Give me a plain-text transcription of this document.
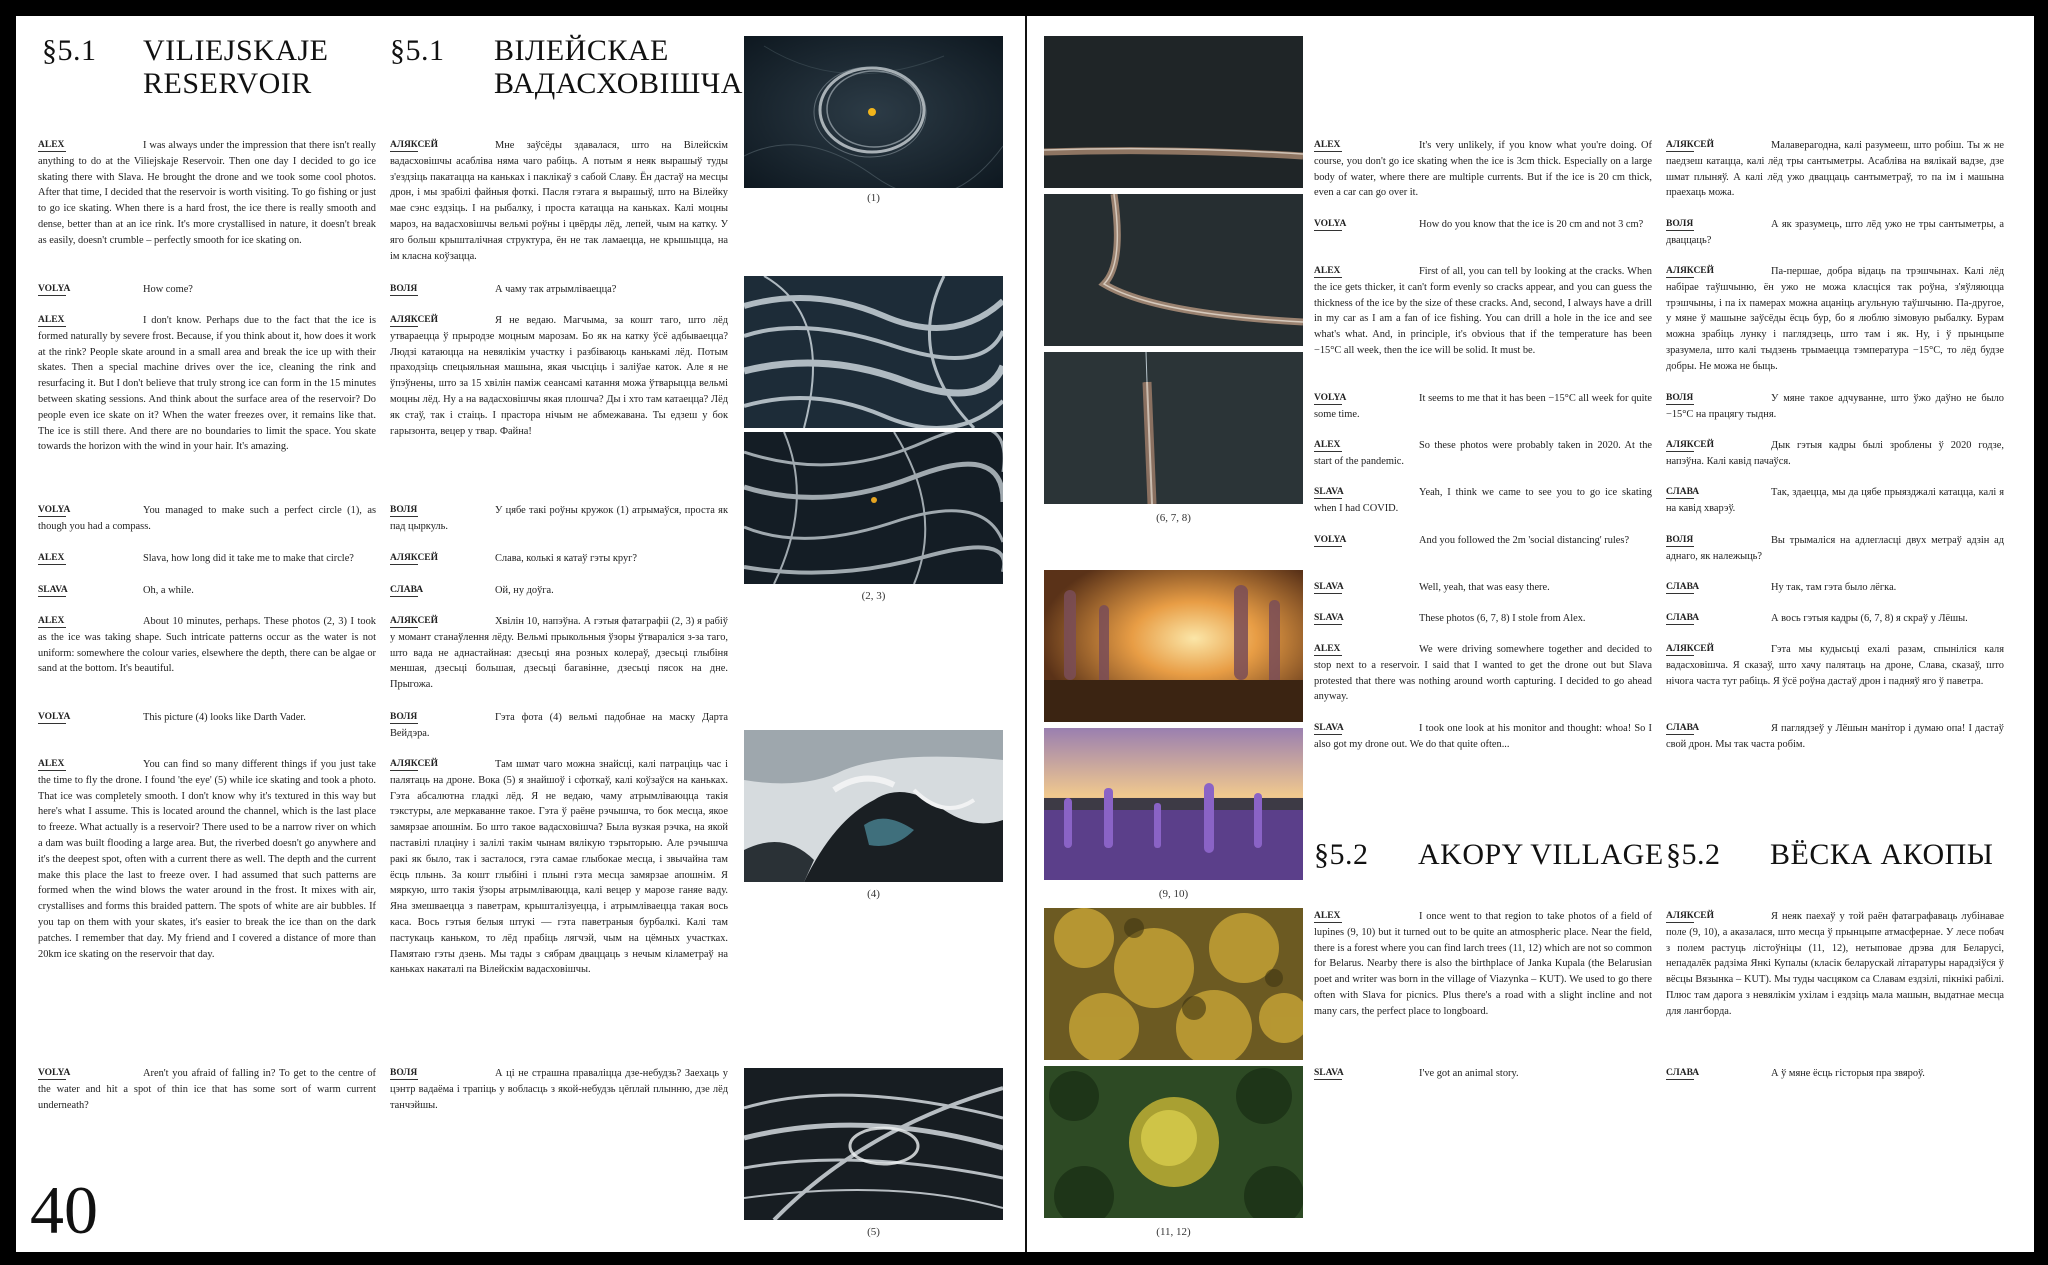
§5.1 VILIEJSKAJE RESERVOIR
§5.1 ВІЛЕЙСКАЕ ВАДАСХОВІШЧА
ALEX	I was always under the impression that there isn't really anything to do at the Viliejskaje Reservoir. Then one day I decided to go ice skating there with Slava. He brought the drone and we took some cool photos. After that time, I decided that the reservoir is worth visiting. To go fishing or just to go ice skating. When there is a hard frost, the ice there is really smooth and dense, better than at an ice rink. It's more crystallised in nature, it doesn't break as easily, doesn't crumble – perfectly smooth for ice skating on.
VOLYA	How come?
ALEX	I don't know. Perhaps due to the fact that the ice is formed naturally by severe frost. Because, if you think about it, how does it work at the rink? People skate around in a small area and break the ice up with their skates. Then a special machine drives over the ice, cleaning the rink and resurfacing it. But I don't believe that truly strong ice can form in the 15 minutes between skating sessions. And think about the surface area of the reservoir? Do people even ice skate on it? When the water freezes over, it remains like that. The ice is still there. And there are no boundaries to limit the space. You skate towards the horizon with the wind in your hair. It's amazing.
VOLYA	You managed to make such a perfect circle (1), as though you had a compass.
ALEX	Slava, how long did it take me to make that circle?
SLAVA	Oh, a while.
ALEX	About 10 minutes, perhaps. These photos (2, 3) I took as the ice was taking shape. Such intricate patterns occur as the water is not uniform: somewhere the colour varies, elsewhere the depth, there can be algae or sand at the bottom. It's beautiful.
VOLYA	This picture (4) looks like Darth Vader.
ALEX	You can find so many different things if you just take the time to fly the drone. I found 'the eye' (5) while ice skating and took a photo. That ice was completely smooth. I don't know why it's textured in this way but here's what I assume. This is located around the channel, which is the last place to freeze. What actually is a reservoir? There used to be a narrow river on which a dam was built flooding a large area. But, the riverbed doesn't go anywhere and it's the deepest spot, often with a current there as well. The depth and the current make this place the last to freeze over. I had assumed that such patterns are formed when the wind blows the water around in the frost. It mixes with air, crystallises and forms this braided pattern. The spots of white are air bubbles. If you tap on them with your skates, it's easier to break the ice than on the dark patches. I remember that day. My friend and I covered a distance of more than 20km ice skating on the reservoir that day.
VOLYA	Aren't you afraid of falling in? To get to the centre of the water and hit a spot of thin ice that has some sort of warm current underneath?
АЛЯКСЕЙ	Мне заўсёды здавалася, што на Вілейскім вадасховішчы асаблівa няма чаго рабіць. А потым я неяк вырашыў туды з'ездзіць пакатацца на каньках і паклікаў з сабой Славу. Ён дастаў на месцы дрон, і мы зрабілі файныя фоткі. Пасля гэтага я вырашыў, што на Вілейку мае сэнс ездзіць. І на рыбалку, і проста катацца на каньках. Калі моцны мароз, на вадасховішчы вельмі роўны і цвёрды лёд, лепей, чым на катку. У яго больш крышталічная структура, ён не так ламаецца, не крышыцца, на ім класна кoўзацца.
ВОЛЯ	А чаму так атрымліваецца?
АЛЯКСЕЙ	Я не ведаю. Магчыма, за кошт таго, што лёд утвараецца ў прыродзе моцным марозам. Бо як на катку ўсё адбываецца? Людзі катаюцца на невялікім участку і разбіваюць канькамі лёд. Потым праходзіць спецыяльная машына, якая чысціць і заліўае каток. Але я не ўпэўнены, што за 15 хвілін паміж сеансамі катання можа ўтварыцца вельмі моцны лёд. Ну а на вадасховішчы якая плошча? Ды і хто там катаецца? Лёд як стаў, так і стаіць. І прастора нічым не абмежавана. Ты едзеш у бок гарызонта, вецер у твар. Файна!
ВОЛЯ	У цябе такі роўны кружок (1) атрымаўся, проста як пад цыркуль.
АЛЯКСЕЙ	Слава, колькі я катаў гэты круг?
СЛАВА	Ой, ну доўга.
АЛЯКСЕЙ	Хвілін 10, напэўна. А гэтыя фатаграфіі (2, 3) я рабіў у момант станаўлення лёду. Вельмі прыкольныя ўзоры ўтвараліся з-за таго, што вада не аднастайная: дзесьці яна розных колераў, дзесьці глыбіня меншая, дзесьці большая, дзесьці багавінне, дзесьці пясок на дне. Прыгожа.
ВОЛЯ	Гэта фота (4) вельмі падобнае на маску Дарта Вейдэра.
АЛЯКСЕЙ	Там шмат чаго можна знайсці, калі патраціць час і палятаць на дроне. Вока (5) я знайшоў і сфоткаў, калі коўзаўся на каньках. Гэта абсалютна гладкі лёд. Я не ведаю, чаму атрымліваюцца такія тэкстуры, але меркаванне такое. Гэта ў раёне рэчышча, то бок месца, якое замярзае апошнім. Бо што такое вадасховішча? Была вузкая рэчка, на якой паставілі плаціну і залілі такім чынам вялікую тэрыторыю. Але рэчышча ракі як было, так і засталося, гэта самае глыбокае месца, і звычайна там ёсць плынь. За кошт глыбіні і плыні гэта месца замярзае апошнім. Я мяркую, што такія ўзоры атрымліваюцца, калі вецер у марозе ганяе ваду. Яна змешваецца з паветрам, крышталізуецца, і атрымліваецца такая вось каса. Вось гэтыя белыя штукі — гэта паветраныя бурбалкі. Калі там пастукаць каньком, то лёд прабіць лягчэй, чым на цёмных участках. Памятаю гэты дзень. Мы тады з сябрам дваццаць з нечым кіламетраў на каньках накаталі па Вілейскім вадасховішчы.
ВОЛЯ	А ці не страшна праваліцца дзе-небудзь? Заехаць у цэнтр вадаёма і трапіць у вобласць з якой-небудзь цёплай плынню, дзе лёд танчэйшы.
(1)
(2, 3)
(4)
(5)
40
(6, 7, 8)
(9, 10)
(11, 12)
ALEX	It's very unlikely, if you know what you're doing. Of course, you don't go ice skating when the ice is 3cm thick. Especially on a large body of water, where there are multiple currents. But if the ice is 20 cm thick, even a car can go over it.
VOLYA	How do you know that the ice is 20 cm and not 3 cm?
ALEX	First of all, you can tell by looking at the cracks. When the ice gets thicker, it can't form evenly so cracks appear, and you can guess the thickness of the ice by the size of these cracks. And, second, I always have a drill in my car as I am a fan of ice fishing. You can drill a hole in the ice and see what's what. And, in principle, it's obvious that if the temperature has been −15°C all week, then the ice will be solid. It must be.
VOLYA	It seems to me that it has been −15°C all week for quite some time.
ALEX	So these photos were probably taken in 2020. At the start of the pandemic.
SLAVA	Yeah, I think we came to see you to go ice skating when I had COVID.
VOLYA	And you followed the 2m 'social distancing' rules?
SLAVA	Well, yeah, that was easy there.
SLAVA	These photos (6, 7, 8) I stole from Alex.
ALEX	We were driving somewhere together and decided to stop next to a reservoir. I said that I wanted to get the drone out but Slava protested that there was nothing around worth capturing. I decided to go ahead anyway.
SLAVA	I took one look at his monitor and thought: whoa! So I also got my drone out. We do that quite often...
АЛЯКСЕЙ	Малаверагодна, калі разумееш, што робіш. Ты ж не паедзеш катацца, калі лёд тры сантыметры. Асабліва на вялікай вадзе, дзе шмат плыняў. А калі лёд ужо дваццаць сантыметраў, то па ім і машына праехаць можа.
ВОЛЯ	А як зразумець, што лёд ужо не тры сантыметры, а дваццаць?
АЛЯКСЕЙ	Па-першае, добра відаць па трэшчынах. Калі лёд набірае таўшчыню, ён ужо не можа класціся так роўна, з'яўляюцца трэшчыны, і па іх памерах можна ацаніць агульную таўшчыню. Па-другое, у мяне ў машыне заўсёды ёсць бур, бо я люблю зімовую рыбалку. Бурам можна зрабіць лунку і паглядзець, што там і як. Ну, і ў прынцыпе зразумела, што калі тыдзень трымаецца тэмпература −15°С, то лёд будзе добры. Не можа не быць.
ВОЛЯ	У мяне такое адчуванне, што ўжо даўно не было −15°С на працягу тыдня.
АЛЯКСЕЙ	Дык гэтыя кадры былі зроблены ў 2020 годзе, напэўна. Калі кавід пачаўся.
СЛАВА	Так, здаецца, мы да цябе прыязджалі катацца, калі я на кавід хварэў.
ВОЛЯ	Вы трымаліся на адлегласці двух метраў адзін ад аднаго, як належыць?
СЛАВА	Ну так, там гэта было лёгка.
СЛАВА	А вось гэтыя кадры (6, 7, 8) я скраў у Лёшы.
АЛЯКСЕЙ	Гэта мы кудысьці ехалі разам, спыніліся каля вадасховішча. Я сказаў, што хачу палятаць на дроне, Слава, сказаў, што нічога часта тут рабіць. Я ўсё роўна дастаў дрон і падняў яго ў паветра.
СЛАВА	Я паглядзеў у Лёшын манітор і думаю опа! І дастаў свой дрон. Мы так часта робім.
§5.2 AKOPY VILLAGE §5.2 ВЁСКА АКОПЫ
ALEX	I once went to that region to take photos of a field of lupines (9, 10) but it turned out to be quite an atmospheric place. Near the field, there is a forest where you can find larch trees (11, 12) which are not so common for Belarus. Nearby there is also the birthplace of Janka Kupala (the Belarusian poet and writer was born in the village of Viazynka – KUT). We used to go there often with Slava for picnics. Plus there's a road with a slight incline and not many cars, the perfect place to longboard.
SLAVA	I've got an animal story.
АЛЯКСЕЙ	Я неяк паехаў у той раён фатаграфаваць лубінавае поле (9, 10), а аказалася, што месца ў прынцыпе атмасфернае. У лесе побач з полем растуць лістоўніцы (11, 12), нетыповае дрэва для Беларусі, непадалёк радзіма Янкі Купалы (класік беларускай літаратуры нарадзіўся ў вёсцы Вязынка – KUT). Мы туды часцяком са Славам ездзілі, пікнікі рабілі. Плюс там дарога з невялікім ухілам і ездзіць мала машын, выдатнае месца для лангборда.
СЛАВА	А ў мяне ёсць гісторыя пра звяроў.
